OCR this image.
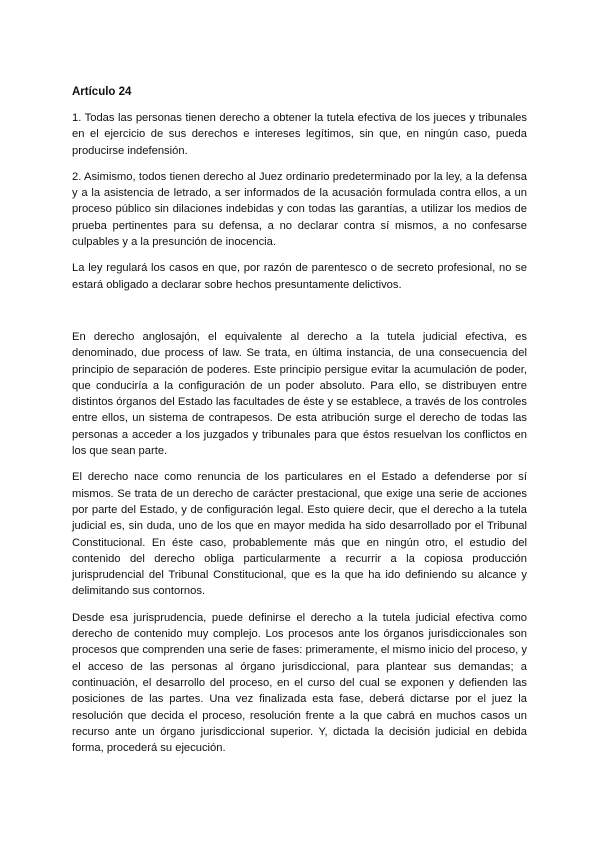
Artículo 24

1. Todas las personas tienen derecho a obtener la tutela efectiva de los jueces y tribunales en el ejercicio de sus derechos e intereses legítimos, sin que, en ningún caso, pueda producirse indefensión.

2. Asimismo, todos tienen derecho al Juez ordinario predeterminado por la ley, a la defensa y a la asistencia de letrado, a ser informados de la acusación formulada contra ellos, a un proceso público sin dilaciones indebidas y con todas las garantías, a utilizar los medios de prueba pertinentes para su defensa, a no declarar contra sí mismos, a no confesarse culpables y a la presunción de inocencia.

La ley regulará los casos en que, por razón de parentesco o de secreto profesional, no se estará obligado a declarar sobre hechos presuntamente delictivos.

En derecho anglosajón, el equivalente al derecho a la tutela judicial efectiva, es denominado, due process of law. Se trata, en última instancia, de una consecuencia del principio de separación de poderes. Este principio persigue evitar la acumulación de poder, que conduciría a la configuración de un poder absoluto. Para ello, se distribuyen entre distintos órganos del Estado las facultades de éste y se establece, a través de los controles entre ellos, un sistema de contrapesos. De esta atribución surge el derecho de todas las personas a acceder a los juzgados y tribunales para que éstos resuelvan los conflictos en los que sean parte.

El derecho nace como renuncia de los particulares en el Estado a defenderse por sí mismos. Se trata de un derecho de carácter prestacional, que exige una serie de acciones por parte del Estado, y de configuración legal. Esto quiere decir, que el derecho a la tutela judicial es, sin duda, uno de los que en mayor medida ha sido desarrollado por el Tribunal Constitucional. En éste caso, probablemente más que en ningún otro, el estudio del contenido del derecho obliga particularmente a recurrir a la copiosa producción jurisprudencial del Tribunal Constitucional, que es la que ha ido definiendo su alcance y delimitando sus contornos.

Desde esa jurisprudencia, puede definirse el derecho a la tutela judicial efectiva como derecho de contenido muy complejo. Los procesos ante los órganos jurisdiccionales son procesos que comprenden una serie de fases: primeramente, el mismo inicio del proceso, y el acceso de las personas al órgano jurisdiccional, para plantear sus demandas; a continuación, el desarrollo del proceso, en el curso del cual se exponen y defienden las posiciones de las partes. Una vez finalizada esta fase, deberá dictarse por el juez la resolución que decida el proceso, resolución frente a la que cabrá en muchos casos un recurso ante un órgano jurisdiccional superior. Y, dictada la decisión judicial en debida forma, procederá su ejecución.
